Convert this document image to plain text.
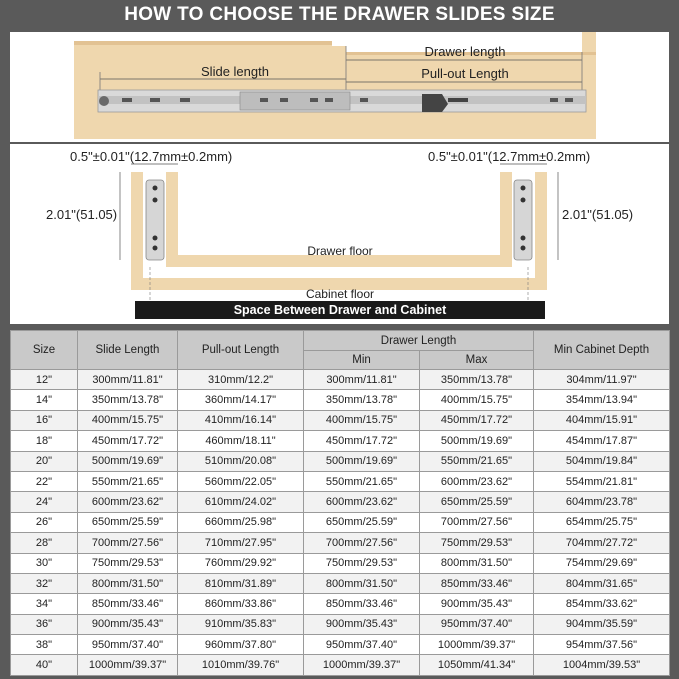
HOW TO CHOOSE THE DRAWER SLIDES SIZE
Slide length
Drawer length
Pull-out Length
0.5"±0.01"(12.7mm±0.2mm)	0.5"±0.01"(12.7mm±0.2mm)
2.01"(51.05)	2.01"(51.05)
Drawer floor
Cabinet floor
Space Between Drawer and Cabinet
Size	Slide Length	Pull-out Length	Drawer Length		Min Cabinet Depth
			Min	Max	
12"	300mm/11.81"	310mm/12.2"	300mm/11.81"	350mm/13.78"	304mm/11.97"
14"	350mm/13.78"	360mm/14.17"	350mm/13.78"	400mm/15.75"	354mm/13.94"
16"	400mm/15.75"	410mm/16.14"	400mm/15.75"	450mm/17.72"	404mm/15.91"
18"	450mm/17.72"	460mm/18.11"	450mm/17.72"	500mm/19.69"	454mm/17.87"
20"	500mm/19.69"	510mm/20.08"	500mm/19.69"	550mm/21.65"	504mm/19.84"
22"	550mm/21.65"	560mm/22.05"	550mm/21.65"	600mm/23.62"	554mm/21.81"
24"	600mm/23.62"	610mm/24.02"	600mm/23.62"	650mm/25.59"	604mm/23.78"
26"	650mm/25.59"	660mm/25.98"	650mm/25.59"	700mm/27.56"	654mm/25.75"
28"	700mm/27.56"	710mm/27.95"	700mm/27.56"	750mm/29.53"	704mm/27.72"
30"	750mm/29.53"	760mm/29.92"	750mm/29.53"	800mm/31.50"	754mm/29.69"
32"	800mm/31.50"	810mm/31.89"	800mm/31.50"	850mm/33.46"	804mm/31.65"
34"	850mm/33.46"	860mm/33.86"	850mm/33.46"	900mm/35.43"	854mm/33.62"
36"	900mm/35.43"	910mm/35.83"	900mm/35.43"	950mm/37.40"	904mm/35.59"
38"	950mm/37.40"	960mm/37.80"	950mm/37.40"	1000mm/39.37"	954mm/37.56"
40"	1000mm/39.37"	1010mm/39.76"	1000mm/39.37"	1050mm/41.34"	1004mm/39.53"
